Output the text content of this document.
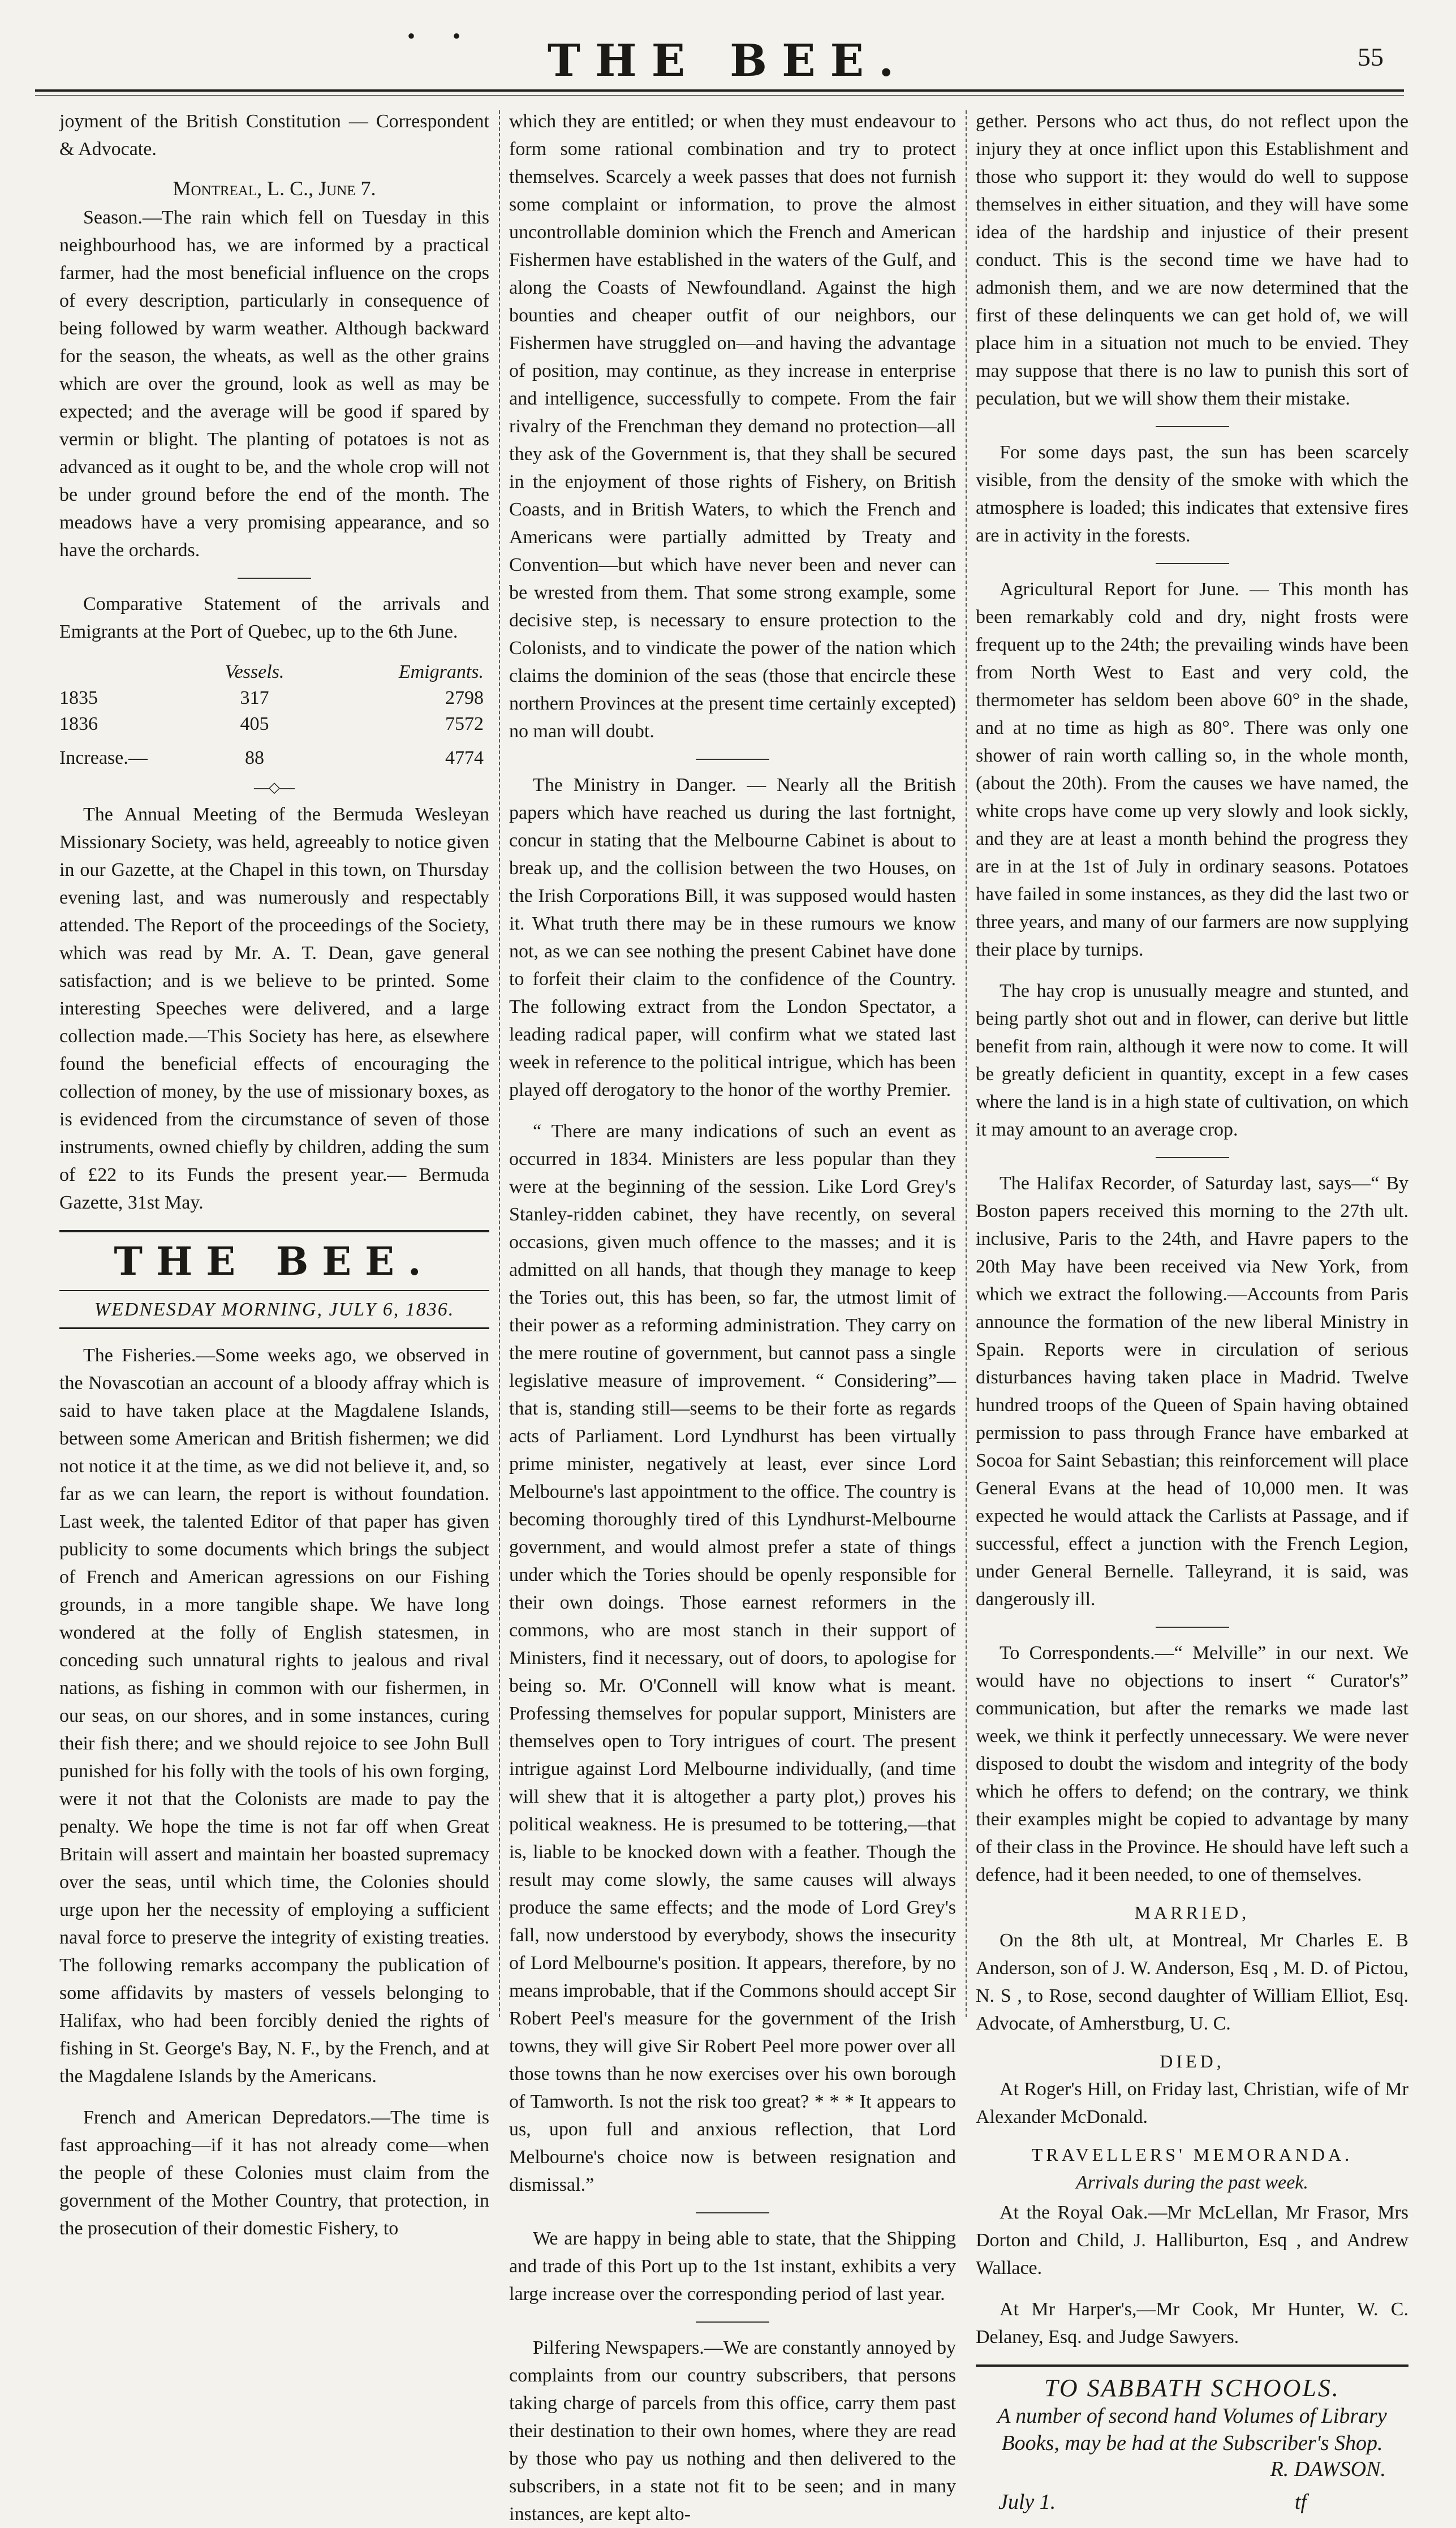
• •	THE BEE.	55

joyment of the British Constitution — Correspondent & Advocate.

Montreal, L. C., June 7.

Season.—The rain which fell on Tuesday in this neighbourhood has, we are informed by a practical farmer, had the most beneficial influence on the crops of every description, particularly in consequence of being followed by warm weather. Although backward for the season, the wheats, as well as the other grains which are over the ground, look as well as may be expected; and the average will be good if spared by vermin or blight. The planting of potatoes is not as advanced as it ought to be, and the whole crop will not be under ground before the end of the month. The meadows have a very promising appearance, and so have the orchards.

Comparative Statement of the arrivals and Emigrants at the Port of Quebec, up to the 6th June.

Vessels.	Emigrants.
1835	317	2798
1836	405	7572
Increase.—	88	4774
—◇—

The Annual Meeting of the Bermuda Wesleyan Missionary Society, was held, agreeably to notice given in our Gazette, at the Chapel in this town, on Thursday evening last, and was numerously and respectably attended. The Report of the proceedings of the Society, which was read by Mr. A. T. Dean, gave general satisfaction; and is we believe to be printed. Some interesting Speeches were delivered, and a large collection made.—This Society has here, as elsewhere found the beneficial effects of encouraging the collection of money, by the use of missionary boxes, as is evidenced from the circumstance of seven of those instruments, owned chiefly by children, adding the sum of £22 to its Funds the present year.— Bermuda Gazette, 31st May.

THE BEE.
WEDNESDAY MORNING, JULY 6, 1836.

The Fisheries.—Some weeks ago, we observed in the Novascotian an account of a bloody affray which is said to have taken place at the Magdalene Islands, between some American and British fishermen; we did not notice it at the time, as we did not believe it, and, so far as we can learn, the report is without foundation. Last week, the talented Editor of that paper has given publicity to some documents which brings the subject of French and American agressions on our Fishing grounds, in a more tangible shape. We have long wondered at the folly of English statesmen, in conceding such unnatural rights to jealous and rival nations, as fishing in common with our fishermen, in our seas, on our shores, and in some instances, curing their fish there; and we should rejoice to see John Bull punished for his folly with the tools of his own forging, were it not that the Colonists are made to pay the penalty. We hope the time is not far off when Great Britain will assert and maintain her boasted supremacy over the seas, until which time, the Colonies should urge upon her the necessity of employing a sufficient naval force to preserve the integrity of existing treaties. The following remarks accompany the publication of some affidavits by masters of vessels belonging to Halifax, who had been forcibly denied the rights of fishing in St. George's Bay, N. F., by the French, and at the Magdalene Islands by the Americans.

French and American Depredators.—The time is fast approaching—if it has not already come—when the people of these Colonies must claim from the government of the Mother Country, that protection, in the prosecution of their domestic Fishery, to

which they are entitled; or when they must endeavour to form some rational combination and try to protect themselves. Scarcely a week passes that does not furnish some complaint or information, to prove the almost uncontrollable dominion which the French and American Fishermen have established in the waters of the Gulf, and along the Coasts of Newfoundland. Against the high bounties and cheaper outfit of our neighbors, our Fishermen have struggled on—and having the advantage of position, may continue, as they increase in enterprise and intelligence, successfully to compete. From the fair rivalry of the Frenchman they demand no protection—all they ask of the Government is, that they shall be secured in the enjoyment of those rights of Fishery, on British Coasts, and in British Waters, to which the French and Americans were partially admitted by Treaty and Convention—but which have never been and never can be wrested from them. That some strong example, some decisive step, is necessary to ensure protection to the Colonists, and to vindicate the power of the nation which claims the dominion of the seas (those that encircle these northern Provinces at the present time certainly excepted) no man will doubt.

The Ministry in Danger. — Nearly all the British papers which have reached us during the last fortnight, concur in stating that the Melbourne Cabinet is about to break up, and the collision between the two Houses, on the Irish Corporations Bill, it was supposed would hasten it. What truth there may be in these rumours we know not, as we can see nothing the present Cabinet have done to forfeit their claim to the confidence of the Country. The following extract from the London Spectator, a leading radical paper, will confirm what we stated last week in reference to the political intrigue, which has been played off derogatory to the honor of the worthy Premier.

“ There are many indications of such an event as occurred in 1834. Ministers are less popular than they were at the beginning of the session. Like Lord Grey's Stanley-ridden cabinet, they have recently, on several occasions, given much offence to the masses; and it is admitted on all hands, that though they manage to keep the Tories out, this has been, so far, the utmost limit of their power as a reforming administration. They carry on the mere routine of government, but cannot pass a single legislative measure of improvement. “ Considering”—that is, standing still—seems to be their forte as regards acts of Parliament. Lord Lyndhurst has been virtually prime minister, negatively at least, ever since Lord Melbourne's last appointment to the office. The country is becoming thoroughly tired of this Lyndhurst-Melbourne government, and would almost prefer a state of things under which the Tories should be openly responsible for their own doings. Those earnest reformers in the commons, who are most stanch in their support of Ministers, find it necessary, out of doors, to apologise for being so. Mr. O'Connell will know what is meant. Professing themselves for popular support, Ministers are themselves open to Tory intrigues of court. The present intrigue against Lord Melbourne individually, (and time will shew that it is altogether a party plot,) proves his political weakness. He is presumed to be tottering,—that is, liable to be knocked down with a feather. Though the result may come slowly, the same causes will always produce the same effects; and the mode of Lord Grey's fall, now understood by everybody, shows the insecurity of Lord Melbourne's position. It appears, therefore, by no means improbable, that if the Commons should accept Sir Robert Peel's measure for the government of the Irish towns, they will give Sir Robert Peel more power over all those towns than he now exercises over his own borough of Tamworth. Is not the risk too great? * * * It appears to us, upon full and anxious reflection, that Lord Melbourne's choice now is between resignation and dismissal.”

We are happy in being able to state, that the Shipping and trade of this Port up to the 1st instant, exhibits a very large increase over the corresponding period of last year.

Pilfering Newspapers.—We are constantly annoyed by complaints from our country subscribers, that persons taking charge of parcels from this office, carry them past their destination to their own homes, where they are read by those who pay us nothing and then delivered to the subscribers, in a state not fit to be seen; and in many instances, are kept alto-

gether. Persons who act thus, do not reflect upon the injury they at once inflict upon this Establishment and those who support it: they would do well to suppose themselves in either situation, and they will have some idea of the hardship and injustice of their present conduct. This is the second time we have had to admonish them, and we are now determined that the first of these delinquents we can get hold of, we will place him in a situation not much to be envied. They may suppose that there is no law to punish this sort of peculation, but we will show them their mistake.

For some days past, the sun has been scarcely visible, from the density of the smoke with which the atmosphere is loaded; this indicates that extensive fires are in activity in the forests.

Agricultural Report for June. — This month has been remarkably cold and dry, night frosts were frequent up to the 24th; the prevailing winds have been from North West to East and very cold, the thermometer has seldom been above 60° in the shade, and at no time as high as 80°. There was only one shower of rain worth calling so, in the whole month, (about the 20th). From the causes we have named, the white crops have come up very slowly and look sickly, and they are at least a month behind the progress they are in at the 1st of July in ordinary seasons. Potatoes have failed in some instances, as they did the last two or three years, and many of our farmers are now supplying their place by turnips.

The hay crop is unusually meagre and stunted, and being partly shot out and in flower, can derive but little benefit from rain, although it were now to come. It will be greatly deficient in quantity, except in a few cases where the land is in a high state of cultivation, on which it may amount to an average crop.

The Halifax Recorder, of Saturday last, says—“ By Boston papers received this morning to the 27th ult. inclusive, Paris to the 24th, and Havre papers to the 20th May have been received via New York, from which we extract the following.—Accounts from Paris announce the formation of the new liberal Ministry in Spain. Reports were in circulation of serious disturbances having taken place in Madrid. Twelve hundred troops of the Queen of Spain having obtained permission to pass through France have embarked at Socoa for Saint Sebastian; this reinforcement will place General Evans at the head of 10,000 men. It was expected he would attack the Carlists at Passage, and if successful, effect a junction with the French Legion, under General Bernelle. Talleyrand, it is said, was dangerously ill.

To Correspondents.—“ Melville” in our next. We would have no objections to insert “ Curator's” communication, but after the remarks we made last week, we think it perfectly unnecessary. We were never disposed to doubt the wisdom and integrity of the body which he offers to defend; on the contrary, we think their examples might be copied to advantage by many of their class in the Province. He should have left such a defence, had it been needed, to one of themselves.

MARRIED,

On the 8th ult, at Montreal, Mr Charles E. B Anderson, son of J. W. Anderson, Esq , M. D. of Pictou, N. S , to Rose, second daughter of William Elliot, Esq. Advocate, of Amherstburg, U. C.

DIED,

At Roger's Hill, on Friday last, Christian, wife of Mr Alexander McDonald.

TRAVELLERS' MEMORANDA.

Arrivals during the past week.

At the Royal Oak.—Mr McLellan, Mr Frasor, Mrs Dorton and Child, J. Halliburton, Esq , and Andrew Wallace.

At Mr Harper's,—Mr Cook, Mr Hunter, W. C. Delaney, Esq. and Judge Sawyers.

TO SABBATH SCHOOLS.

A number of second hand Volumes of Library Books, may be had at the Subscriber's Shop.

R. DAWSON.
July 1.	tf
